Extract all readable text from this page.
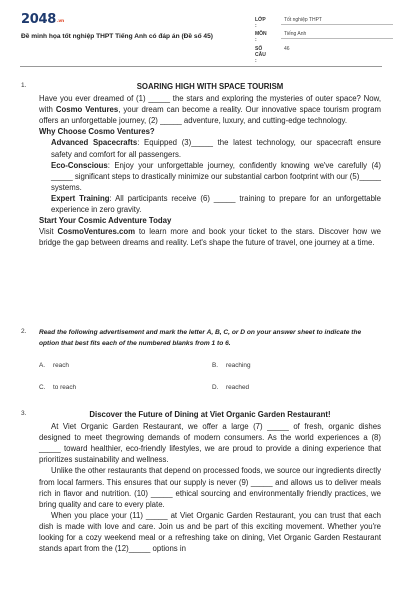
2048.vn
Đề minh họa tốt nghiệp THPT Tiếng Anh có đáp án (Đề số 45)
LỚP :
Tốt nghiệp THPT
MÔN :
Tiếng Anh
SỐ CÂU :
46
1.	SOARING HIGH WITH SPACE TOURISM
Have you ever dreamed of (1) _____ the stars and exploring the mysteries of outer space? Now, with Cosmo Ventures, your dream can become a reality. Our innovative space tourism program offers an unforgettable journey, (2) _____ adventure, luxury, and cutting-edge technology.
Why Choose Cosmo Ventures?
Advanced Spacecrafts: Equipped (3)_____ the latest technology, our spacecraft ensure safety and comfort for all passengers.
Eco-Conscious: Enjoy your unforgettable journey, confidently knowing we've carefully (4) _____ significant steps to drastically minimize our substantial carbon footprint with our (5)_____ systems.
Expert Training: All participants receive (6) _____ training to prepare for an unforgettable experience in zero gravity.
Start Your Cosmic Adventure Today
Visit CosmoVentures.com to learn more and book your ticket to the stars. Discover how we bridge the gap between dreams and reality. Let's shape the future of travel, one journey at a time.
2. Read the following advertisement and mark the letter A, B, C, or D on your answer sheet to indicate the option that best fits each of the numbered blanks from 1 to 6.
A. reach	B. reaching
C. to reach	D. reached
3.	Discover the Future of Dining at Viet Organic Garden Restaurant!
At Viet Organic Garden Restaurant, we offer a large (7) _____ of fresh, organic dishes designed to meet thegrowing demands of modern consumers. As the world experiences a (8) _____ toward healthier, eco-friendly lifestyles, we are proud to provide a dining experience that prioritizes sustainability and wellness.
Unlike the other restaurants that depend on processed foods, we source our ingredients directly from local farmers. This ensures that our supply is never (9) _____ and allows us to deliver meals rich in flavor and nutrition. (10) _____ ethical sourcing and environmentally friendly practices, we bring quality and care to every plate.
When you place your (11) _____ at Viet Organic Garden Restaurant, you can trust that each dish is made with love and care. Join us and be part of this exciting movement. Whether you're looking for a cozy weekend meal or a refreshing take on dining, Viet Organic Garden Restaurant stands apart from the (12)_____ options in
